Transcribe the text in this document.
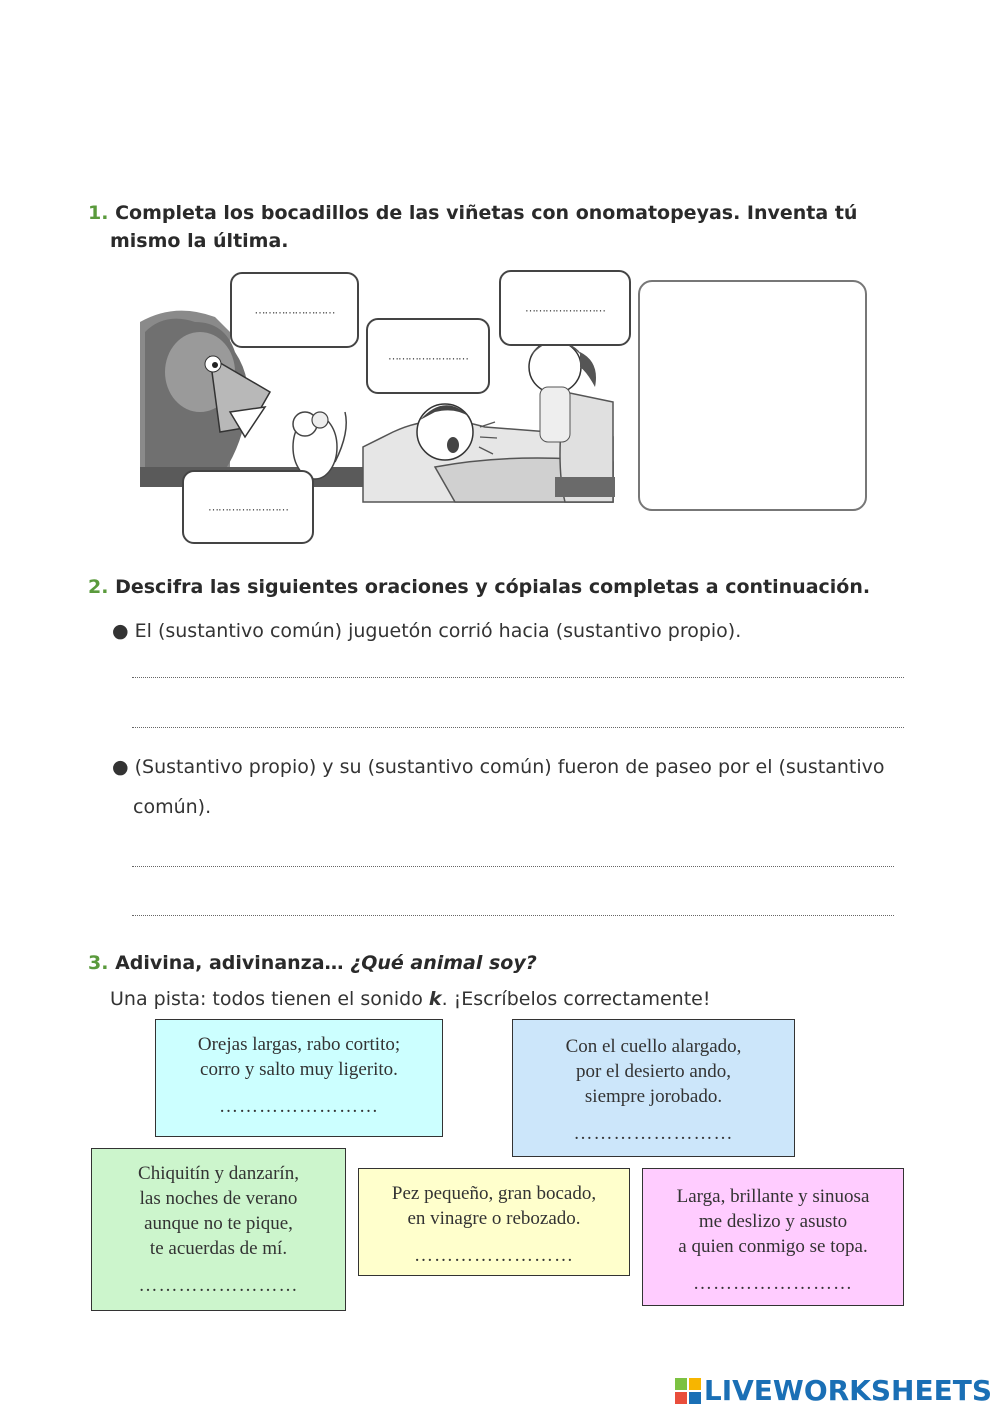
1. Completa los bocadillos de las viñetas con onomatopeyas. Inventa tú
mismo la última.
……………………
……………………
……………………
……………………
2. Descifra las siguientes oraciones y cópialas completas a continuación.
● El (sustantivo común) juguetón corrió hacia (sustantivo propio).
● (Sustantivo propio) y su (sustantivo común) fueron de paseo por el (sustantivo
común).
3. Adivina, adivinanza… ¿Qué animal soy?
Una pista: todos tienen el sonido k. ¡Escríbelos correctamente!
Orejas largas, rabo cortito;
corro y salto muy ligerito.
……………………
Con el cuello alargado,
por el desierto ando,
siempre jorobado.
……………………
Chiquitín y danzarín,
las noches de verano
aunque no te pique,
te acuerdas de mí.
……………………
Pez pequeño, gran bocado,
en vinagre o rebozado.
……………………
Larga, brillante y sinuosa
me deslizo y asusto
a quien conmigo se topa.
……………………
LIVEWORKSHEETS
